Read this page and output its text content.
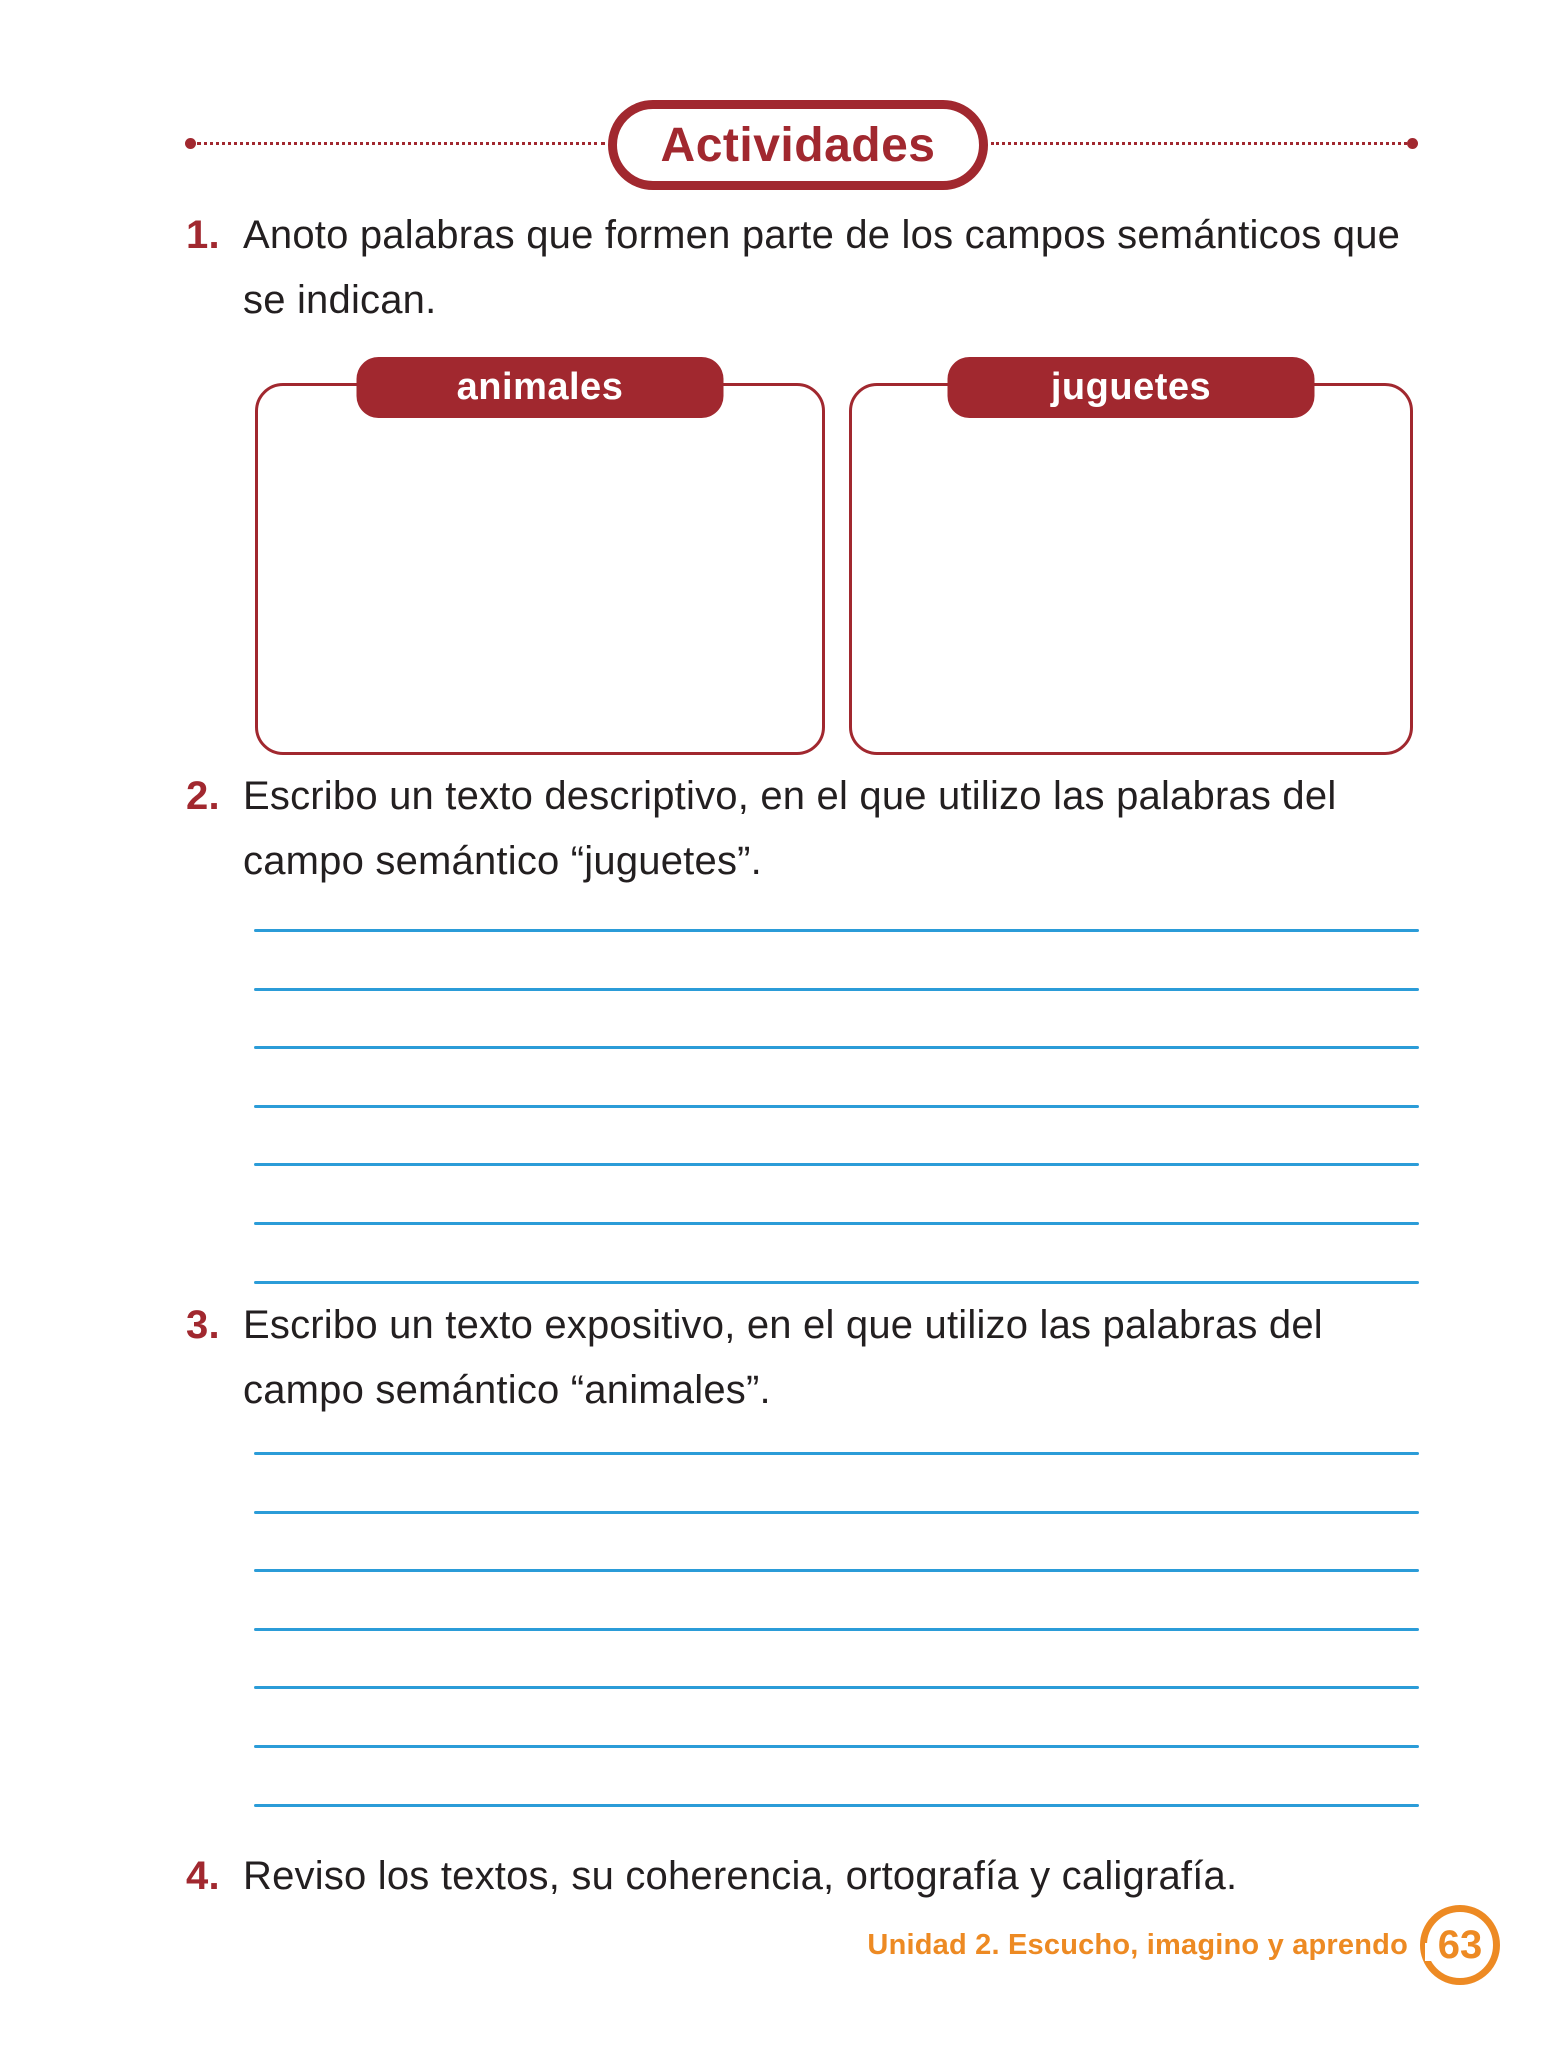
Actividades
1. Anoto palabras que formen parte de los campos semánticos que
se indican.
animales	juguetes
2. Escribo un texto descriptivo, en el que utilizo las palabras del
campo semántico “juguetes”.
3. Escribo un texto expositivo, en el que utilizo las palabras del
campo semántico “animales”.
4. Reviso los textos, su coherencia, ortografía y caligrafía.
Unidad 2. Escucho, imagino y aprendo 63
